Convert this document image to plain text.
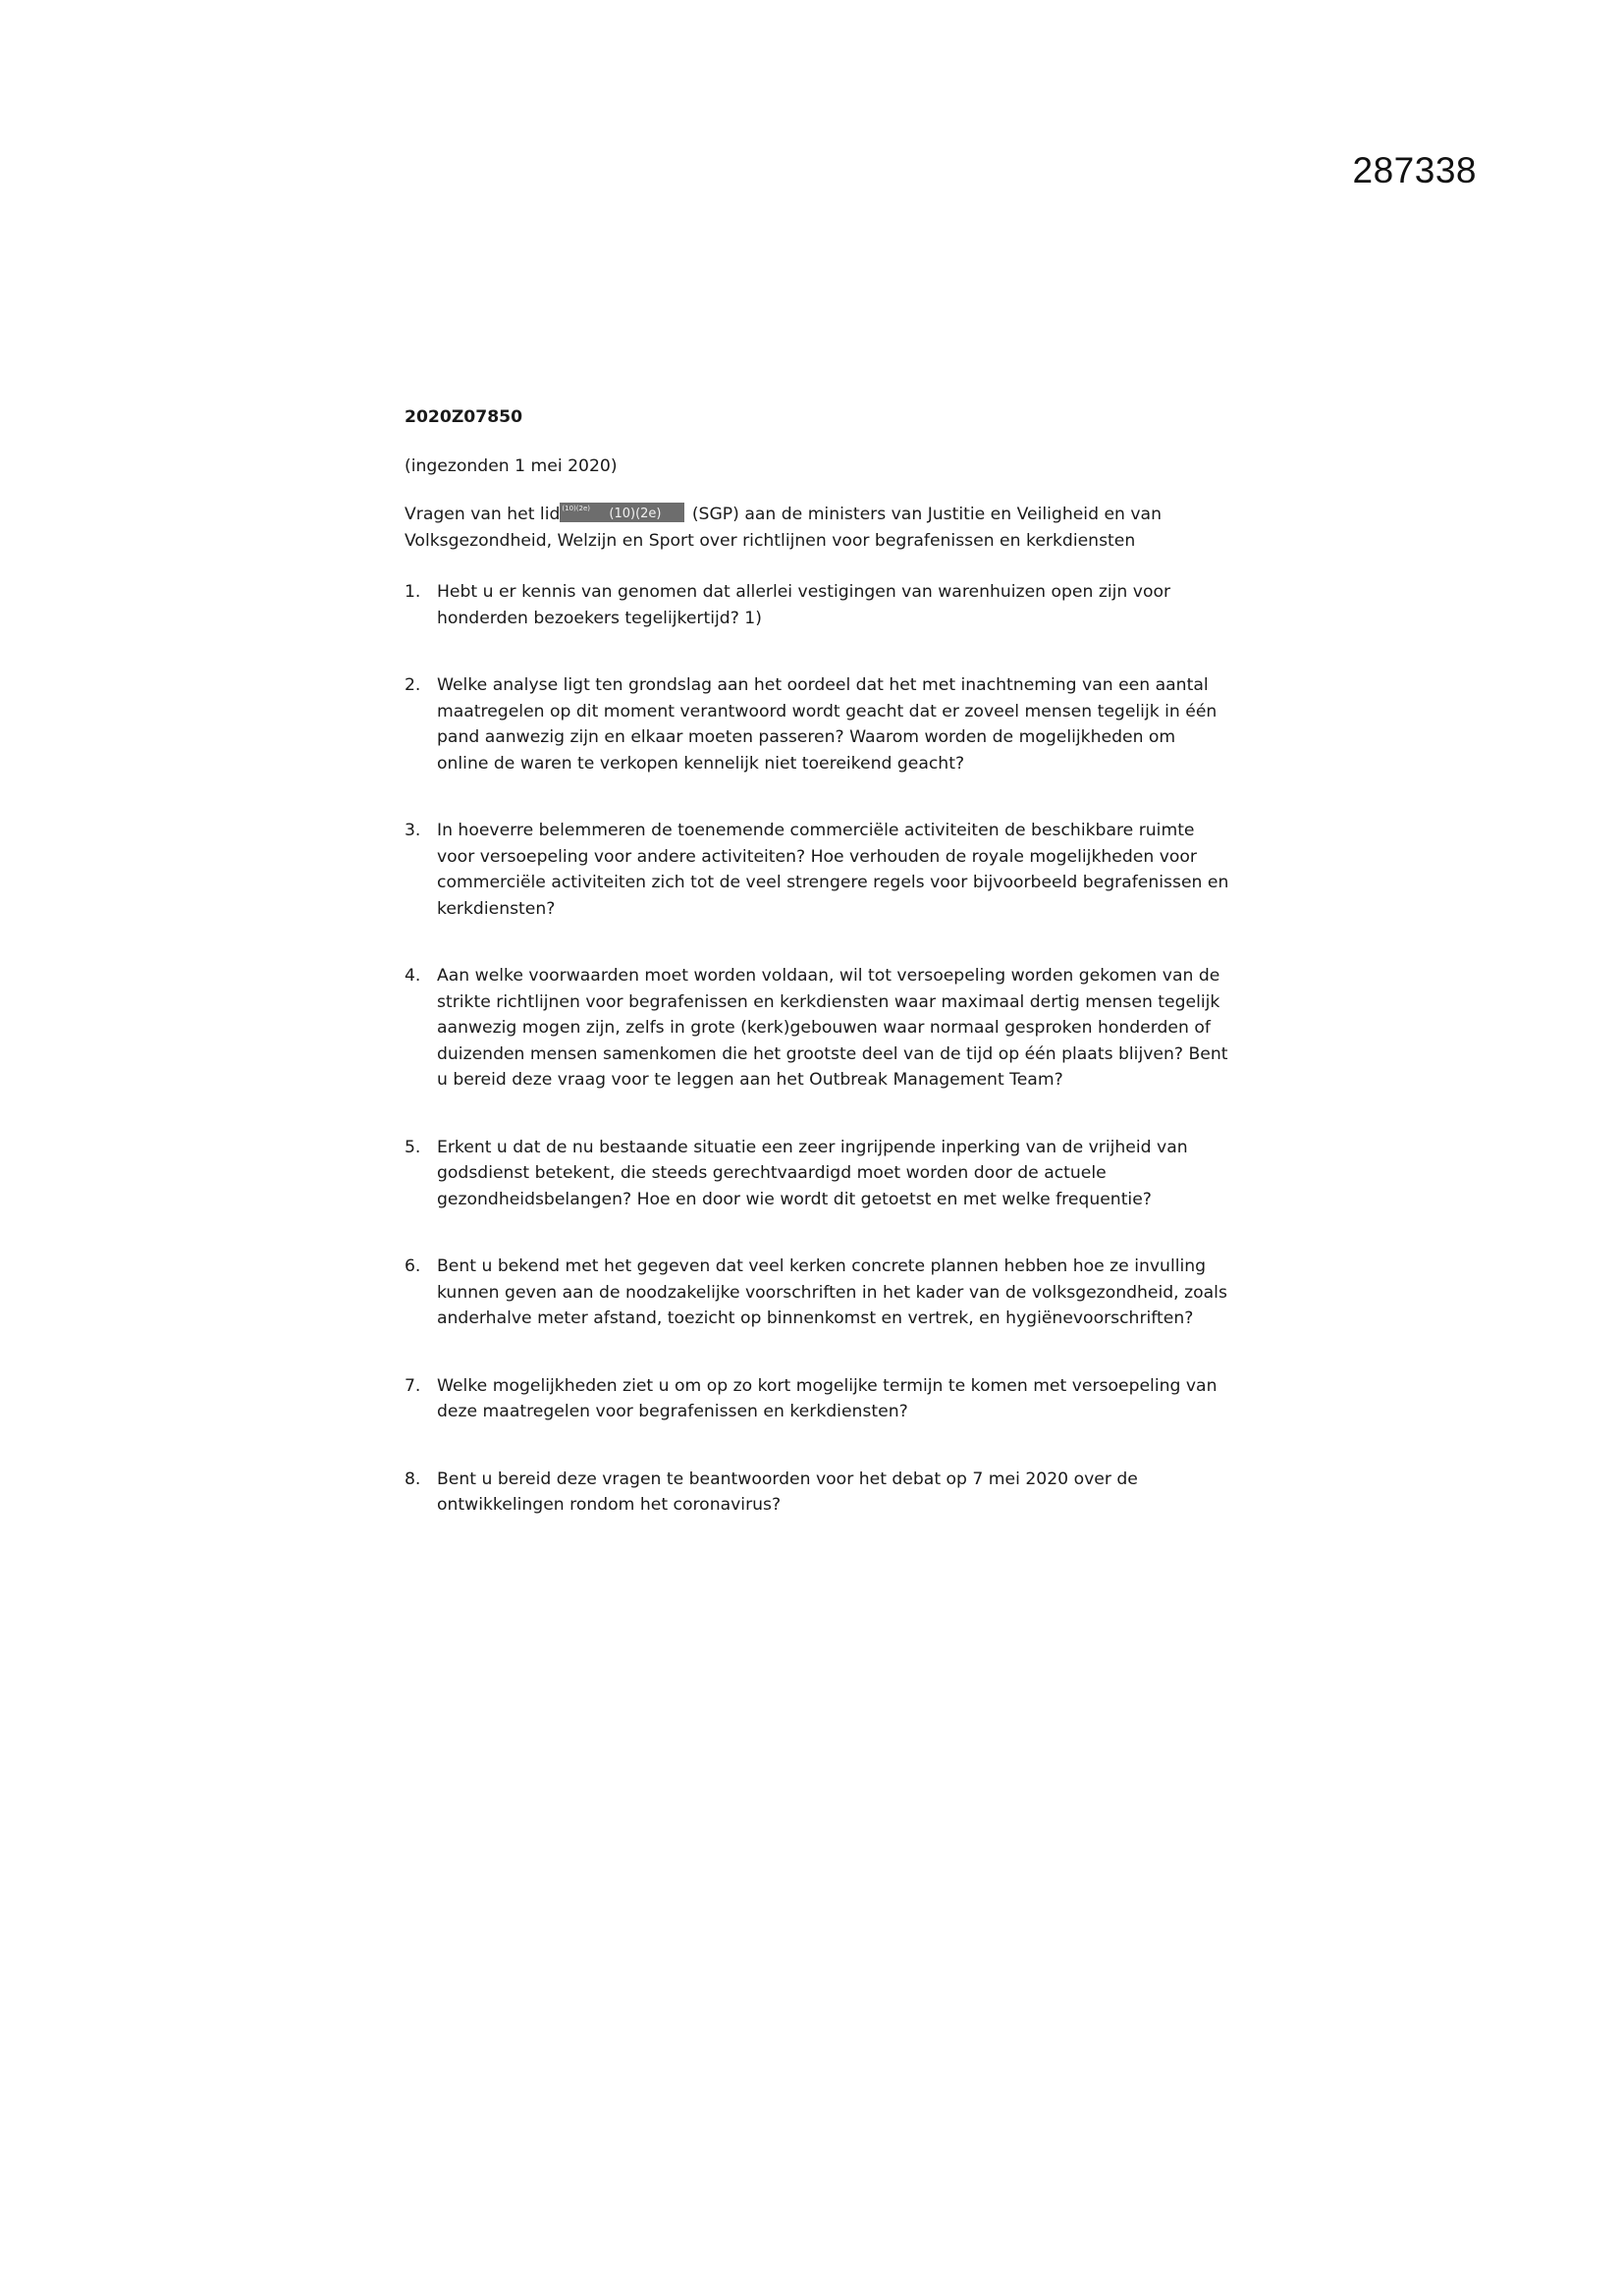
287338
2020Z07850
(ingezonden 1 mei 2020)
Vragen van het lid (10)(2e) (10)(2e) (SGP) aan de ministers van Justitie en Veiligheid en van Volksgezondheid, Welzijn en Sport over richtlijnen voor begrafenissen en kerkdiensten
1. Hebt u er kennis van genomen dat allerlei vestigingen van warenhuizen open zijn voor honderden bezoekers tegelijkertijd? 1)
2. Welke analyse ligt ten grondslag aan het oordeel dat het met inachtneming van een aantal maatregelen op dit moment verantwoord wordt geacht dat er zoveel mensen tegelijk in één pand aanwezig zijn en elkaar moeten passeren? Waarom worden de mogelijkheden om online de waren te verkopen kennelijk niet toereikend geacht?
3. In hoeverre belemmeren de toenemende commerciële activiteiten de beschikbare ruimte voor versoepeling voor andere activiteiten? Hoe verhouden de royale mogelijkheden voor commerciële activiteiten zich tot de veel strengere regels voor bijvoorbeeld begrafenissen en kerkdiensten?
4. Aan welke voorwaarden moet worden voldaan, wil tot versoepeling worden gekomen van de strikte richtlijnen voor begrafenissen en kerkdiensten waar maximaal dertig mensen tegelijk aanwezig mogen zijn, zelfs in grote (kerk)gebouwen waar normaal gesproken honderden of duizenden mensen samenkomen die het grootste deel van de tijd op één plaats blijven? Bent u bereid deze vraag voor te leggen aan het Outbreak Management Team?
5. Erkent u dat de nu bestaande situatie een zeer ingrijpende inperking van de vrijheid van godsdienst betekent, die steeds gerechtvaardigd moet worden door de actuele gezondheidsbelangen? Hoe en door wie wordt dit getoetst en met welke frequentie?
6. Bent u bekend met het gegeven dat veel kerken concrete plannen hebben hoe ze invulling kunnen geven aan de noodzakelijke voorschriften in het kader van de volksgezondheid, zoals anderhalve meter afstand, toezicht op binnenkomst en vertrek, en hygiënevoorschriften?
7. Welke mogelijkheden ziet u om op zo kort mogelijke termijn te komen met versoepeling van deze maatregelen voor begrafenissen en kerkdiensten?
8. Bent u bereid deze vragen te beantwoorden voor het debat op 7 mei 2020 over de ontwikkelingen rondom het coronavirus?
